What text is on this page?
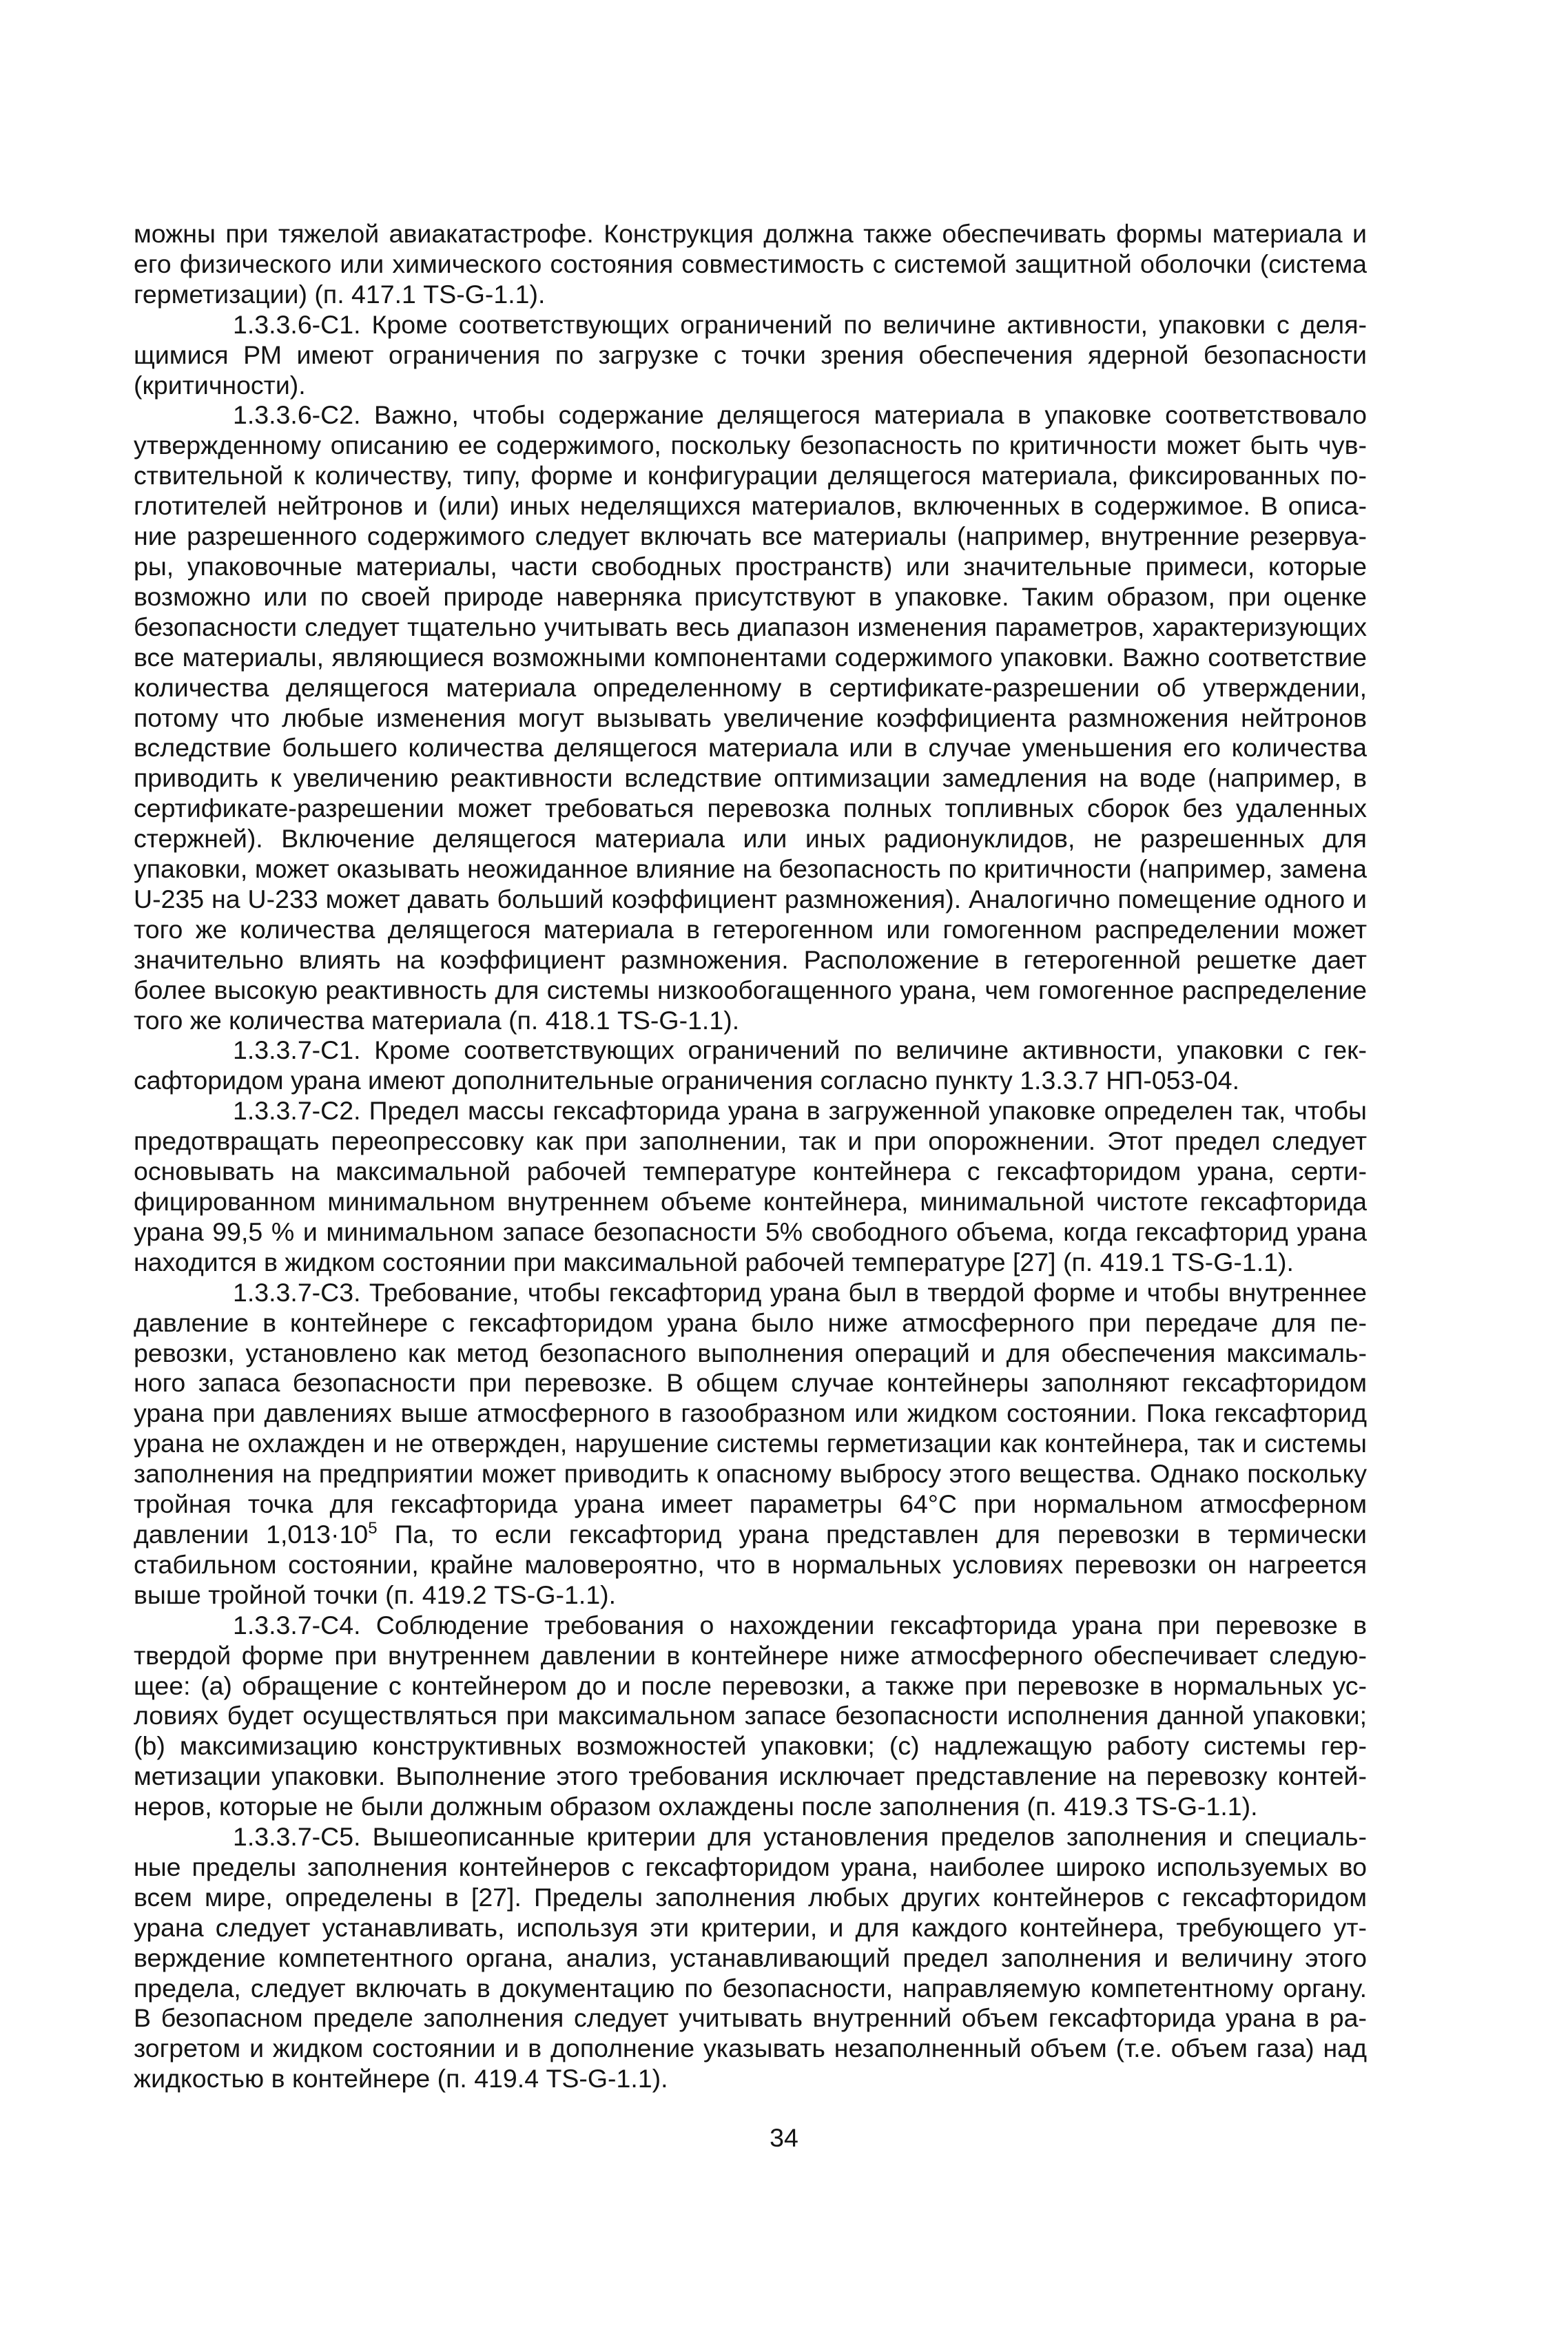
можны при тяжелой авиакатастрофе. Конструкция должна также обеспечивать формы материала и его физического или химического состояния совместимость с системой защитной оболочки (система герметизации) (п. 417.1 TS-G-1.1).

1.3.3.6-С1. Кроме соответствующих ограничений по величине активности, упаковки с делящимися РМ имеют ограничения по загрузке с точки зрения обеспечения ядерной безопасности (критичности).

1.3.3.6-С2. Важно, чтобы содержание делящегося материала в упаковке соответствовало утвержденному описанию ее содержимого, поскольку безопасность по критичности может быть чувствительной к количеству, типу, форме и конфигурации делящегося материала, фиксированных поглотителей нейтронов и (или) иных неделящихся материалов, включенных в содержимое. В описание разрешенного содержимого следует включать все материалы (например, внутренние резервуары, упаковочные материалы, части свободных пространств) или значительные примеси, которые возможно или по своей природе наверняка присутствуют в упаковке. Таким образом, при оценке безопасности следует тщательно учитывать весь диапазон изменения параметров, характеризующих все материалы, являющиеся возможными компонентами содержимого упаковки. Важно соответствие количества делящегося материала определенному в сертификате-разрешении об утверждении, потому что любые изменения могут вызывать увеличение коэффициента размножения нейтронов вследствие большего количества делящегося материала или в случае уменьшения его количества приводить к увеличению реактивности вследствие оптимизации замедления на воде (например, в сертификате-разрешении может требоваться перевозка полных топливных сборок без удаленных стержней). Включение делящегося материала или иных радионуклидов, не разрешенных для упаковки, может оказывать неожиданное влияние на безопасность по критичности (например, замена U-235 на U-233 может давать больший коэффициент размножения). Аналогично помещение одного и того же количества делящегося материала в гетерогенном или гомогенном распределении может значительно влиять на коэффициент размножения. Расположение в гетерогенной решетке дает более высокую реактивность для системы низкообогащенного урана, чем гомогенное распределение того же количества материала (п. 418.1 TS-G-1.1).

1.3.3.7-С1. Кроме соответствующих ограничений по величине активности, упаковки с гексафторидом урана имеют дополнительные ограничения согласно пункту 1.3.3.7 НП-053-04.

1.3.3.7-С2. Предел массы гексафторида урана в загруженной упаковке определен так, чтобы предотвращать переопрессовку как при заполнении, так и при опорожнении. Этот предел следует основывать на максимальной рабочей температуре контейнера с гексафторидом урана, сертифицированном минимальном внутреннем объеме контейнера, минимальной чистоте гексафторида урана 99,5 % и минимальном запасе безопасности 5% свободного объема, когда гексафторид урана находится в жидком состоянии при максимальной рабочей температуре [27] (п. 419.1 TS-G-1.1).

1.3.3.7-С3. Требование, чтобы гексафторид урана был в твердой форме и чтобы внутреннее давление в контейнере с гексафторидом урана было ниже атмосферного при передаче для перевозки, установлено как метод безопасного выполнения операций и для обеспечения максимального запаса безопасности при перевозке. В общем случае контейнеры заполняют гексафторидом урана при давлениях выше атмосферного в газообразном или жидком состоянии. Пока гексафторид урана не охлажден и не отвержден, нарушение системы герметизации как контейнера, так и системы заполнения на предприятии может приводить к опасному выбросу этого вещества. Однако поскольку тройная точка для гексафторида урана имеет параметры 64°С при нормальном атмосферном давлении $1,013\cdot 10^5$ Па, то если гексафторид урана представлен для перевозки в термически стабильном состоянии, крайне маловероятно, что в нормальных условиях перевозки он нагреется выше тройной точки (п. 419.2 TS-G-1.1).

1.3.3.7-С4. Соблюдение требования о нахождении гексафторида урана при перевозке в твердой форме при внутреннем давлении в контейнере ниже атмосферного обеспечивает следующее: (a) обращение с контейнером до и после перевозки, а также при перевозке в нормальных условиях будет осуществляться при максимальном запасе безопасности исполнения данной упаковки; (b) максимизацию конструктивных возможностей упаковки; (c) надлежащую работу системы герметизации упаковки. Выполнение этого требования исключает представление на перевозку контейнеров, которые не были должным образом охлаждены после заполнения (п. 419.3 TS-G-1.1).

1.3.3.7-С5. Вышеописанные критерии для установления пределов заполнения и специальные пределы заполнения контейнеров с гексафторидом урана, наиболее широко используемых во всем мире, определены в [27]. Пределы заполнения любых других контейнеров с гексафторидом урана следует устанавливать, используя эти критерии, и для каждого контейнера, требующего утверждение компетентного органа, анализ, устанавливающий предел заполнения и величину этого предела, следует включать в документацию по безопасности, направляемую компетентному органу. В безопасном пределе заполнения следует учитывать внутренний объем гексафторида урана в разогретом и жидком состоянии и в дополнение указывать незаполненный объем (т.е. объем газа) над жидкостью в контейнере (п. 419.4 TS-G-1.1).

34
